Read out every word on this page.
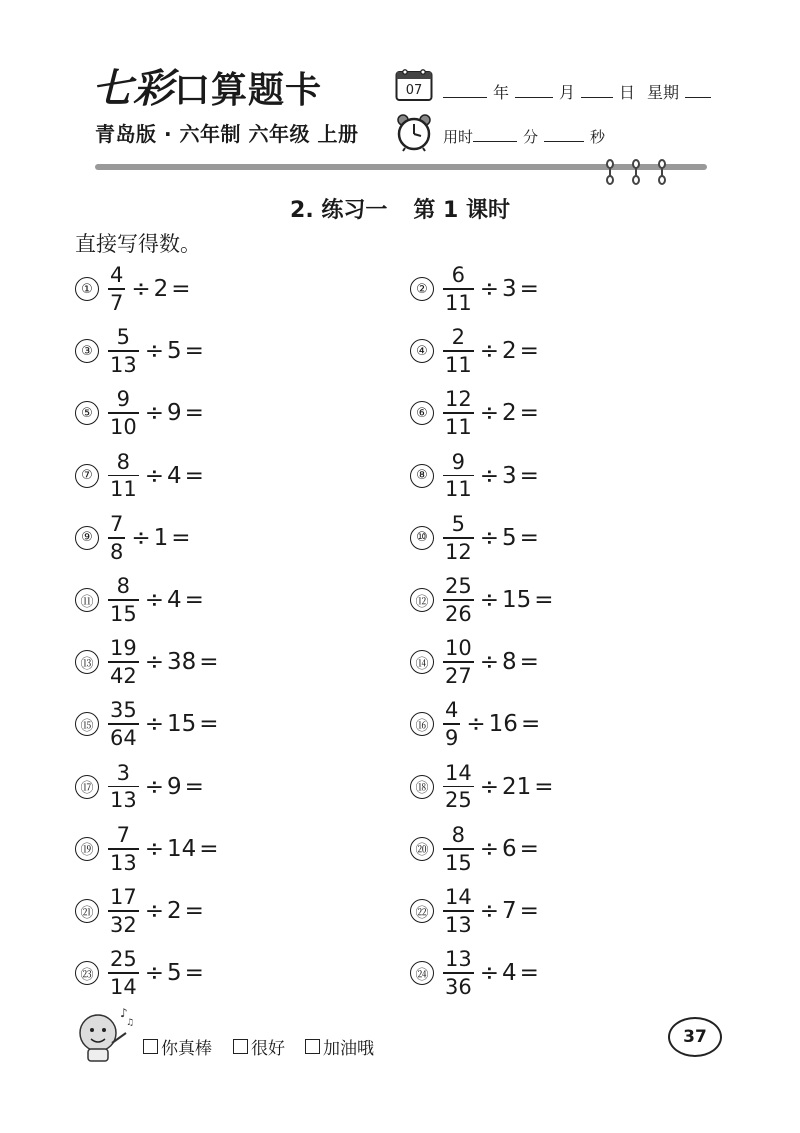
七彩口算题卡
青岛版 · 六年制 六年级 上册
07	年	月	日 星期
用时	分	秒
2. 练习一 第 1 课时
直接写得数。
① $\frac{4}{7} \div 2$ =	② $\frac{6}{11} \div 3$ =
③ $\frac{5}{13} \div 5$ =	④ $\frac{2}{11} \div 2$ =
⑤ $\frac{9}{10} \div 9$ =	⑥ $\frac{12}{11} \div 2$ =
⑦ $\frac{8}{11} \div 4$ =	⑧ $\frac{9}{11} \div 3$ =
⑨ $\frac{7}{8} \div 1$ =	⑩ $\frac{5}{12} \div 5$ =
⑪ $\frac{8}{15} \div 4$ =	⑫ $\frac{25}{26} \div 15$ =
⑬ $\frac{19}{42} \div 38$ =	⑭ $\frac{10}{27} \div 8$ =
⑮ $\frac{35}{64} \div 15$ =	⑯ $\frac{4}{9} \div 16$ =
⑰ $\frac{3}{13} \div 9$ =	⑱ $\frac{14}{25} \div 21$ =
⑲ $\frac{7}{13} \div 14$ =	⑳ $\frac{8}{15} \div 6$ =
㉑ $\frac{17}{32} \div 2$ =	㉒ $\frac{14}{13} \div 7$ =
㉓ $\frac{25}{14} \div 5$ =	㉔ $\frac{13}{36} \div 4$ =
♪
♫
你真棒 很好 加油哦
37
